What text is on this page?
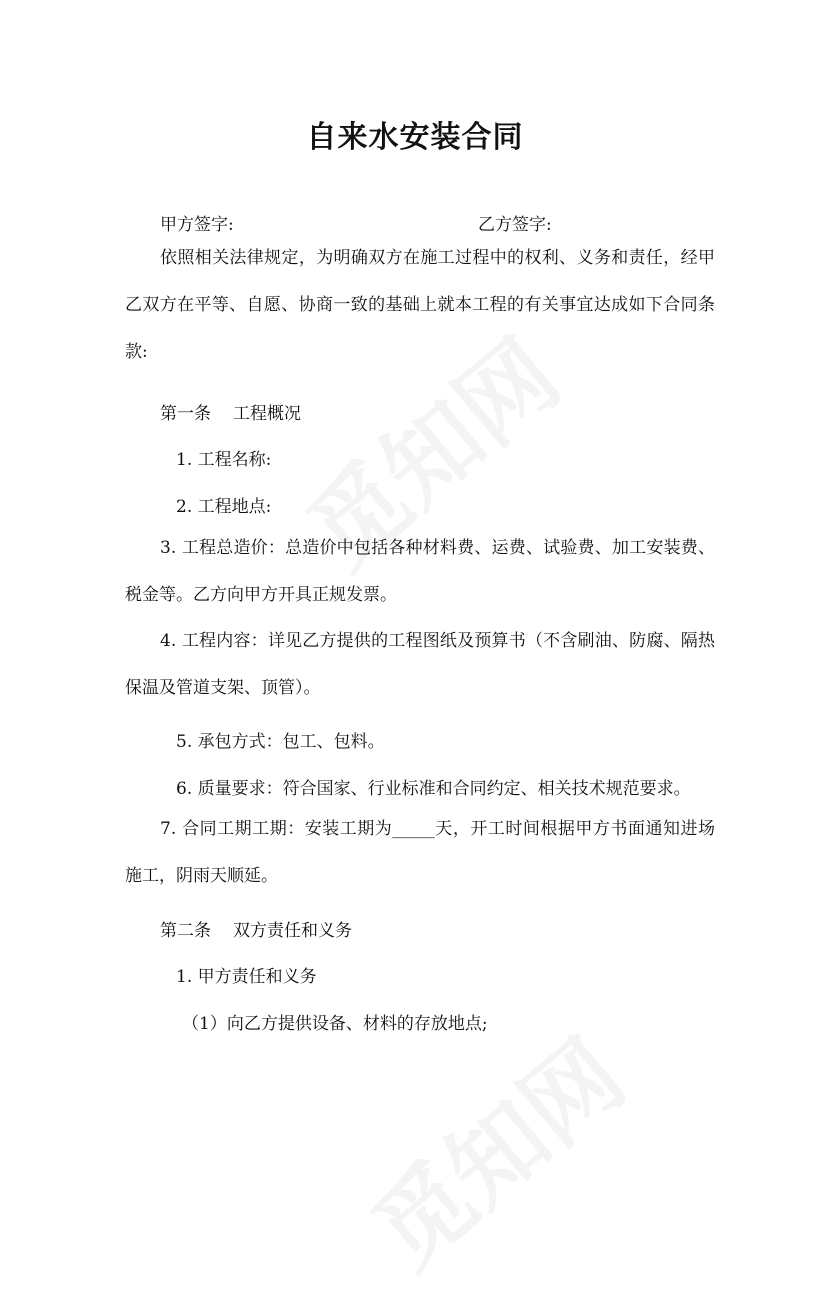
自来水安装合同
甲方签字:	乙方签字:
依照相关法律规定，为明确双方在施工过程中的权利、义务和责任，经甲乙双方在平等、自愿、协商一致的基础上就本工程的有关事宜达成如下合同条款:
第一条 工程概况
1. 工程名称:
2. 工程地点:
3. 工程总造价：总造价中包括各种材料费、运费、试验费、加工安装费、税金等。乙方向甲方开具正规发票。
4. 工程内容：详见乙方提供的工程图纸及预算书（不含刷油、防腐、隔热保温及管道支架、顶管）。
5. 承包方式：包工、包料。
6. 质量要求：符合国家、行业标准和合同约定、相关技术规范要求。
7. 合同工期工期：安装工期为_____天，开工时间根据甲方书面通知进场施工，阴雨天顺延。
第二条 双方责任和义务
1. 甲方责任和义务
（1）向乙方提供设备、材料的存放地点;
